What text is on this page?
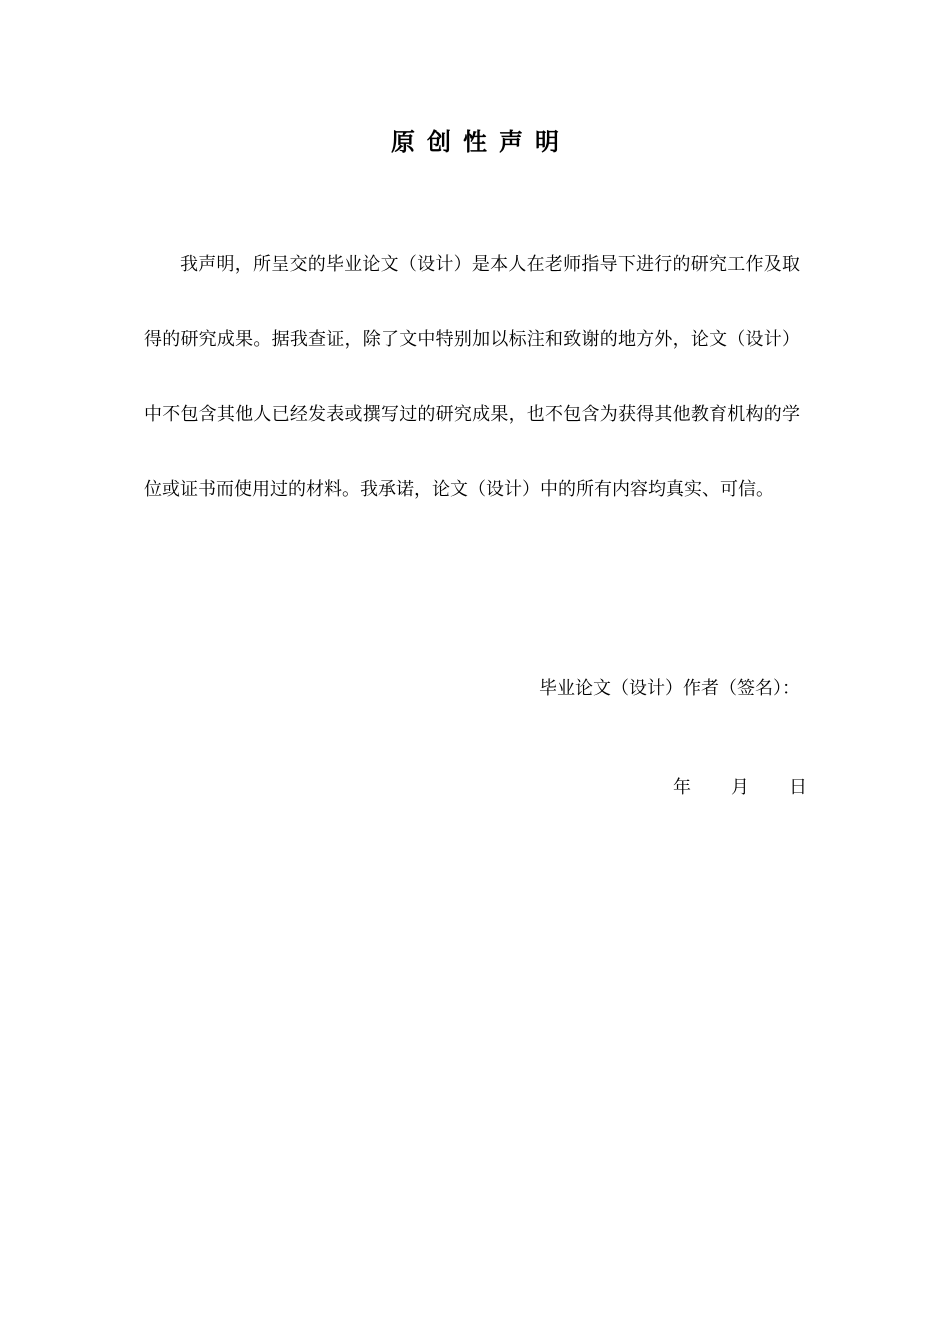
原创性声明

我声明，所呈交的毕业论文（设计）是本人在老师指导下进行的研究工作及取得的研究成果。据我查证，除了文中特别加以标注和致谢的地方外，论文（设计）中不包含其他人已经发表或撰写过的研究成果，也不包含为获得其他教育机构的学位或证书而使用过的材料。我承诺，论文（设计）中的所有内容均真实、可信。

毕业论文（设计）作者（签名）：
年 月 日
